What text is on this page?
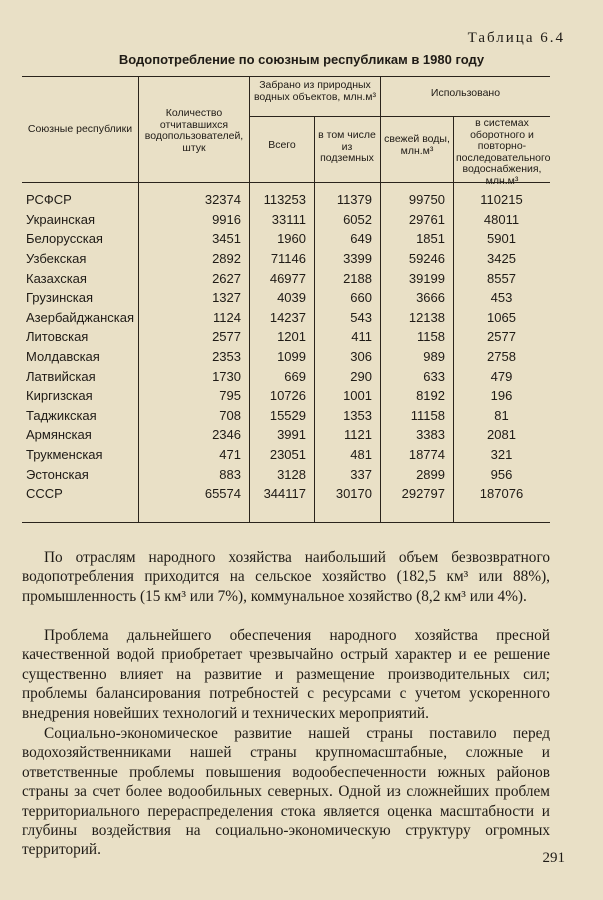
Таблица 6.4
Водопотребление по союзным республикам в 1980 году
Союзные республики
Количество отчитавшихся водопользователей, штук
Забрано из природных водных объектов, млн.м³
Всего
в том числе из подземных
Использовано
свежей воды, млн.м³
в системах оборотного и повторно-последовательного водоснабжения, млн.м³
РСФСР	32374	113253	11379	99750	110215
Украинская	9916	33111	6052	29761	48011
Белорусская	3451	1960	649	1851	5901
Узбекская	2892	71146	3399	59246	3425
Казахская	2627	46977	2188	39199	8557
Грузинская	1327	4039	660	3666	453
Азербайджанская	1124	14237	543	12138	1065
Литовская	2577	1201	411	1158	2577
Молдавская	2353	1099	306	989	2758
Латвийская	1730	669	290	633	479
Киргизская	795	10726	1001	8192	196
Таджикская	708	15529	1353	11158	81
Армянская	2346	3991	1121	3383	2081
Трукменская	471	23051	481	18774	321
Эстонская	883	3128	337	2899	956
СССР	65574	344117	30170	292797	187076

По отраслям народного хозяйства наибольший объем безвозвратного водопотребления приходится на сельское хозяйство (182,5 км³ или 88%), промышленность (15 км³ или 7%), коммунальное хозяйство (8,2 км³ или 4%).

Проблема дальнейшего обеспечения народного хозяйства пресной качественной водой приобретает чрезвычайно острый характер и ее решение существенно влияет на развитие и размещение производительных сил; проблемы балансирования потребностей с ресурсами с учетом ускоренного внедрения новейших технологий и технических мероприятий.

Социально-экономическое развитие нашей страны поставило перед водохозяйственниками нашей страны крупномасштабные, сложные и ответственные проблемы повышения водообеспеченности южных районов страны за счет более водообильных северных. Одной из сложнейших проблем территориального перераспределения стока является оценка масштабности и глубины воздействия на социально-экономическую структуру огромных территорий.	291
